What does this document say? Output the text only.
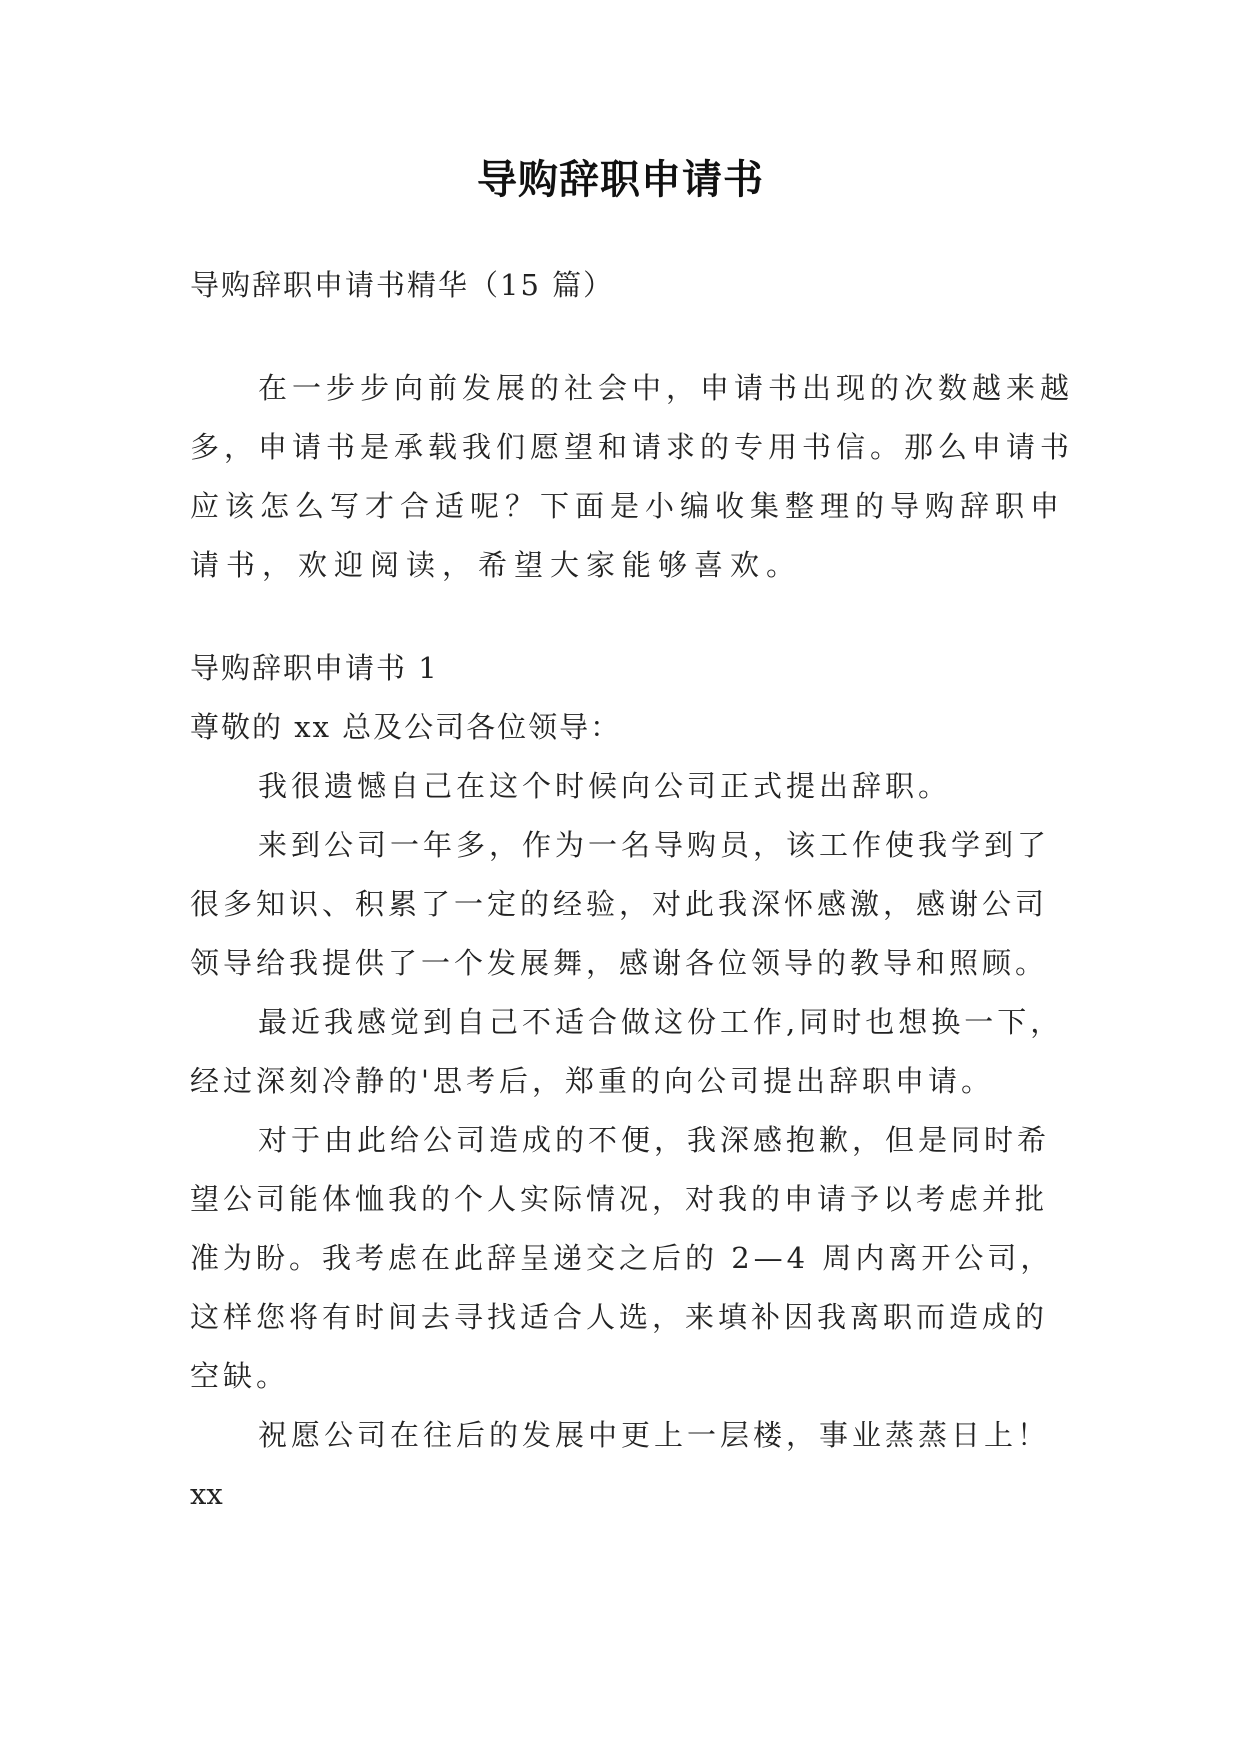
导购辞职申请书
导购辞职申请书精华（15 篇）
在一步步向前发展的社会中，申请书出现的次数越来越
多，申请书是承载我们愿望和请求的专用书信。那么申请书
应该怎么写才合适呢？下面是小编收集整理的导购辞职申
请书，欢迎阅读，希望大家能够喜欢。
导购辞职申请书 1
尊敬的 xx 总及公司各位领导：
我很遗憾自己在这个时候向公司正式提出辞职。
来到公司一年多，作为一名导购员，该工作使我学到了
很多知识、积累了一定的经验，对此我深怀感激，感谢公司
领导给我提供了一个发展舞，感谢各位领导的教导和照顾。
最近我感觉到自己不适合做这份工作,同时也想换一下，
经过深刻冷静的'思考后，郑重的向公司提出辞职申请。
对于由此给公司造成的不便，我深感抱歉，但是同时希
望公司能体恤我的个人实际情况，对我的申请予以考虑并批
准为盼。我考虑在此辞呈递交之后的 2—4 周内离开公司，
这样您将有时间去寻找适合人选，来填补因我离职而造成的
空缺。
祝愿公司在往后的发展中更上一层楼，事业蒸蒸日上！
xx
